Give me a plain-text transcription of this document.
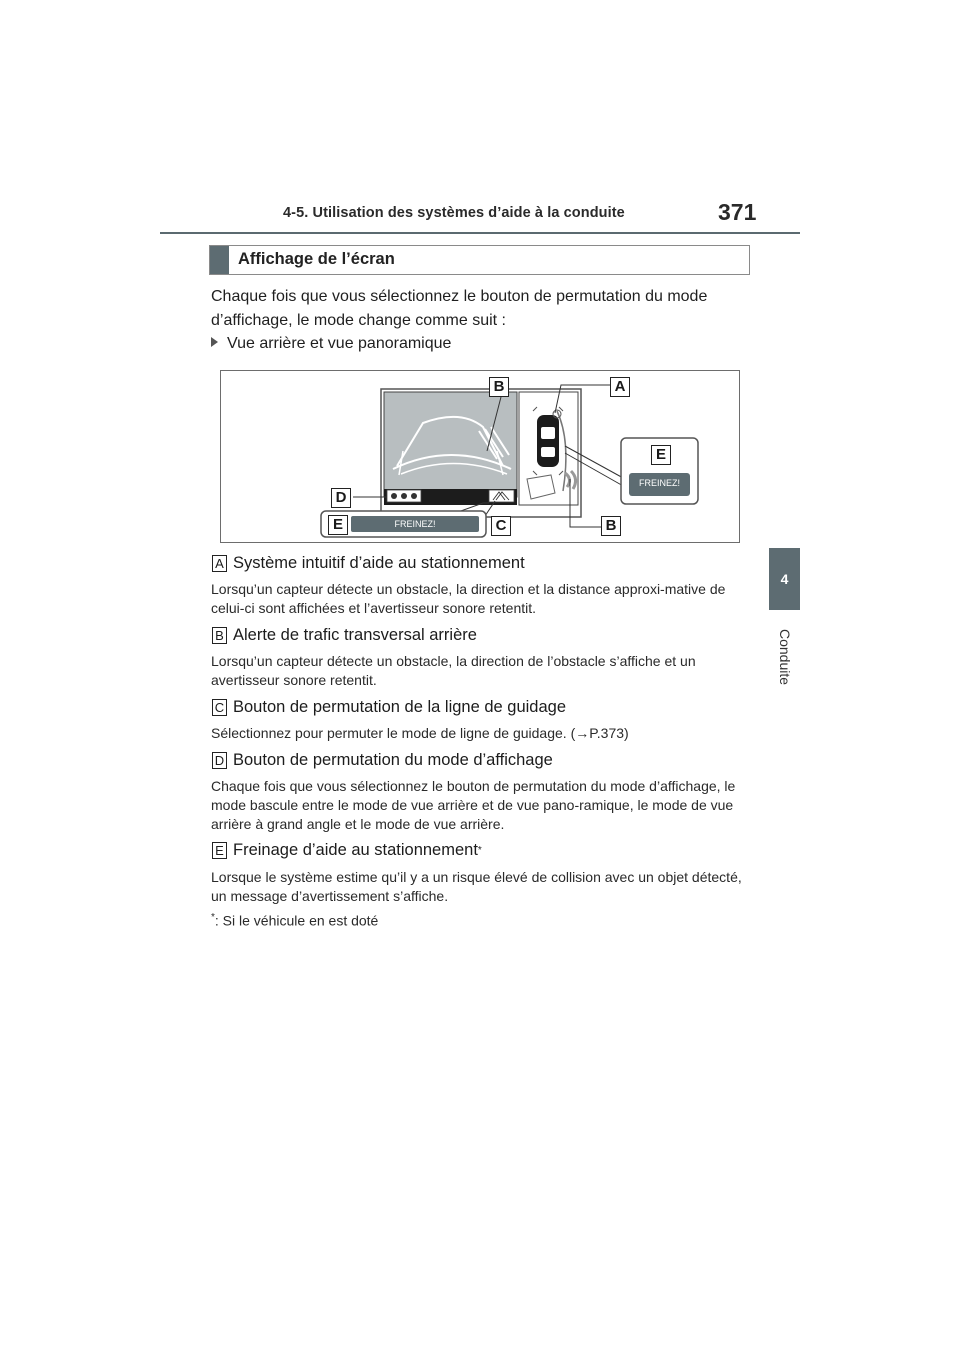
4-5. Utilisation des systèmes d’aide à la conduite	371
4
Conduite
Affichage de l’écran
Chaque fois que vous sélectionnez le bouton de permutation du mode d’affichage, le mode change comme suit :
Vue arrière et vue panoramique
B	A
E
FREINEZ!
D
E	FREINEZ!	C	B
A Système intuitif d’aide au stationnement
Lorsqu’un capteur détecte un obstacle, la direction et la distance approxi-mative de celui-ci sont affichées et l’avertisseur sonore retentit.
B Alerte de trafic transversal arrière
Lorsqu’un capteur détecte un obstacle, la direction de l’obstacle s’affiche et un avertisseur sonore retentit.
C Bouton de permutation de la ligne de guidage
Sélectionnez pour permuter le mode de ligne de guidage. (→P.373)
D Bouton de permutation du mode d’affichage
Chaque fois que vous sélectionnez le bouton de permutation du mode d’affichage, le mode bascule entre le mode de vue arrière et de vue pano-ramique, le mode de vue arrière à grand angle et le mode de vue arrière.
E Freinage d’aide au stationnement *
Lorsque le système estime qu’il y a un risque élevé de collision avec un objet détecté, un message d’avertissement s’affiche.
*: Si le véhicule en est doté
